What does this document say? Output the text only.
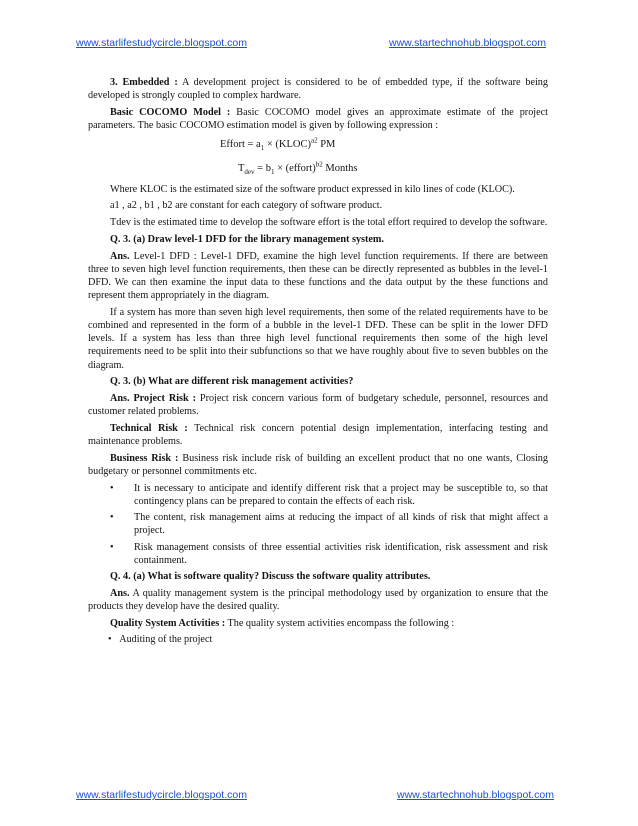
www.starlifestudycircle.blogspot.com	www.startechnohub.blogspot.com

3. Embedded : A development project is considered to be of embedded type, if the software being developed is strongly coupled to complex hardware.

Basic COCOMO Model : Basic COCOMO model gives an approximate estimate of the project parameters. The basic COCOMO estimation model is given by following expression :

Effort = $a_1$ × (KLOC)$^{a2}$ PM
$T_{dev} = b_1$ × (effort)$^{b2}$ Months

Where KLOC is the estimated size of the software product expressed in kilo lines of code (KLOC).

a1 , a2 , b1 , b2 are constant for each category of software product.

Tdev is the estimated time to develop the software effort is the total effort required to develop the software.

Q. 3. (a) Draw level-1 DFD for the library management system.

Ans. Level-1 DFD : Level-1 DFD, examine the high level function requirements. If there are between three to seven high level function requirements, then these can be directly represented as bubbles in the level-1 DFD. We can then examine the input data to these functions and the data output by the these functions and represent them appropriately in the diagram.

If a system has more than seven high level requirements, then some of the related requirements have to be combined and represented in the form of a bubble in the level-1 DFD. These can be split in the lower DFD levels. If a system has less than three high level functional requirements then some of the high level requirements need to be split into their subfunctions so that we have roughly about five to seven bubbles on the diagram.

Q. 3. (b) What are different risk management activities?

Ans. Project Risk : Project risk concern various form of budgetary schedule, personnel, resources and customer related problems.

Technical Risk : Technical risk concern potential design implementation, interfacing testing and maintenance problems.

Business Risk : Business risk include risk of building an excellent product that no one wants, Closing budgetary or personnel commitments etc.

• It is necessary to anticipate and identify different risk that a project may be susceptible to, so that contingency plans can be prepared to contain the effects of each risk.
• The content, risk management aims at reducing the impact of all kinds of risk that might affect a project.
• Risk management consists of three essential activities risk identification, risk assessment and risk containment.

Q. 4. (a) What is software quality? Discuss the software quality attributes.

Ans. A quality management system is the principal methodology used by organization to ensure that the products they develop have the desired quality.

Quality System Activities : The quality system activities encompass the following :

• Auditing of the project

www.starlifestudycircle.blogspot.com	www.startechnohub.blogspot.com
